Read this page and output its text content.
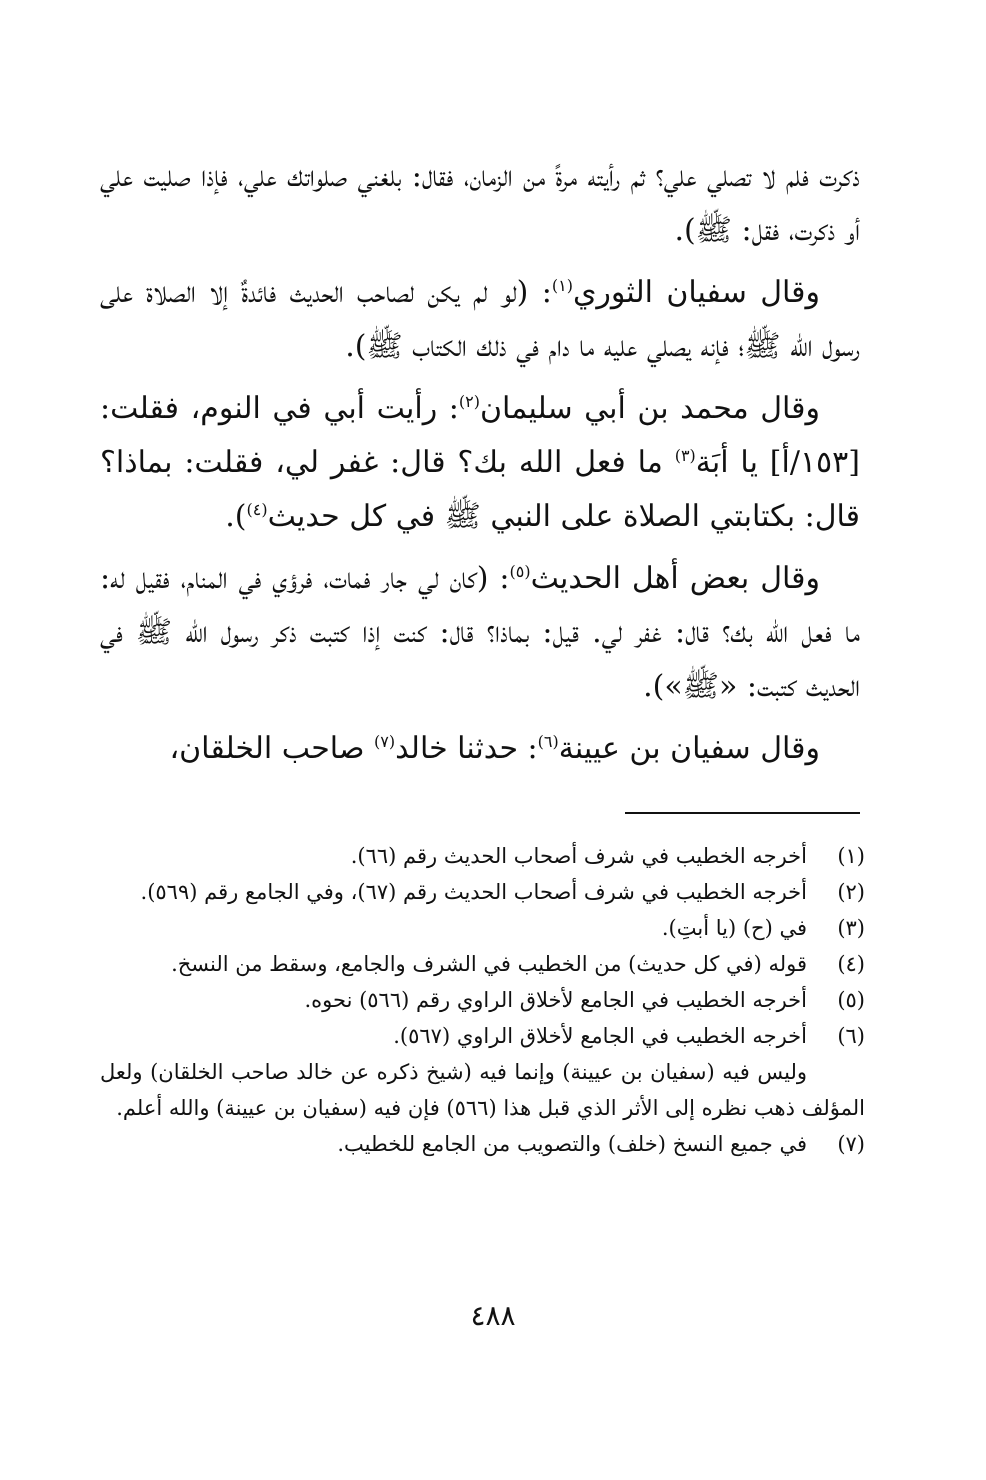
ذكرت فلم لا تصلي علي؟ ثم رأيته مرةً من الزمان، فقال: بلغني صلواتك علي، فإذا صليت علي أو ذكرت، فقل: ﷺ).

وقال سفيان الثوري$^{(١)}$: (لو لم يكن لصاحب الحديث فائدةٌ إلا الصلاة على رسول الله ﷺ؛ فإنه يصلي عليه ما دام في ذلك الكتاب ﷺ).

وقال محمد بن أبي سليمان$^{(٢)}$: رأيت أبي في النوم، فقلت: [١٥٣/أ] يا أبَة$^{(٣)}$ ما فعل الله بك؟ قال: غفر لي، فقلت: بماذا؟ قال: بكتابتي الصلاة على النبي ﷺ في كل حديث$^{(٤)}$).

وقال بعض أهل الحديث$^{(٥)}$: (كان لي جار فمات، فرؤي في المنام، فقيل له: ما فعل الله بك؟ قال: غفر لي. قيل: بماذا؟ قال: كنت إذا كتبت ذكر رسول الله ﷺ في الحديث كتبت: «ﷺ»).

وقال سفيان بن عيينة$^{(٦)}$: حدثنا خالد$^{(٧)}$ صاحب الخلقان،

(١)
أخرجه الخطيب في شرف أصحاب الحديث رقم (٦٦).
(٢)
أخرجه الخطيب في شرف أصحاب الحديث رقم (٦٧)، وفي الجامع رقم (٥٦٩).
(٣)
في (ح) (يا أبتِ).
(٤)
قوله (في كل حديث) من الخطيب في الشرف والجامع، وسقط من النسخ.
(٥)
أخرجه الخطيب في الجامع لأخلاق الراوي رقم (٥٦٦) نحوه.
(٦)
أخرجه الخطيب في الجامع لأخلاق الراوي (٥٦٧).
وليس فيه (سفيان بن عيينة) وإنما فيه (شيخ ذكره عن خالد صاحب الخلقان) ولعل المؤلف ذهب نظره إلى الأثر الذي قبل هذا (٥٦٦) فإن فيه (سفيان بن عيينة) والله أعلم.
(٧)
في جميع النسخ (خلف) والتصويب من الجامع للخطيب.
٤٨٨
